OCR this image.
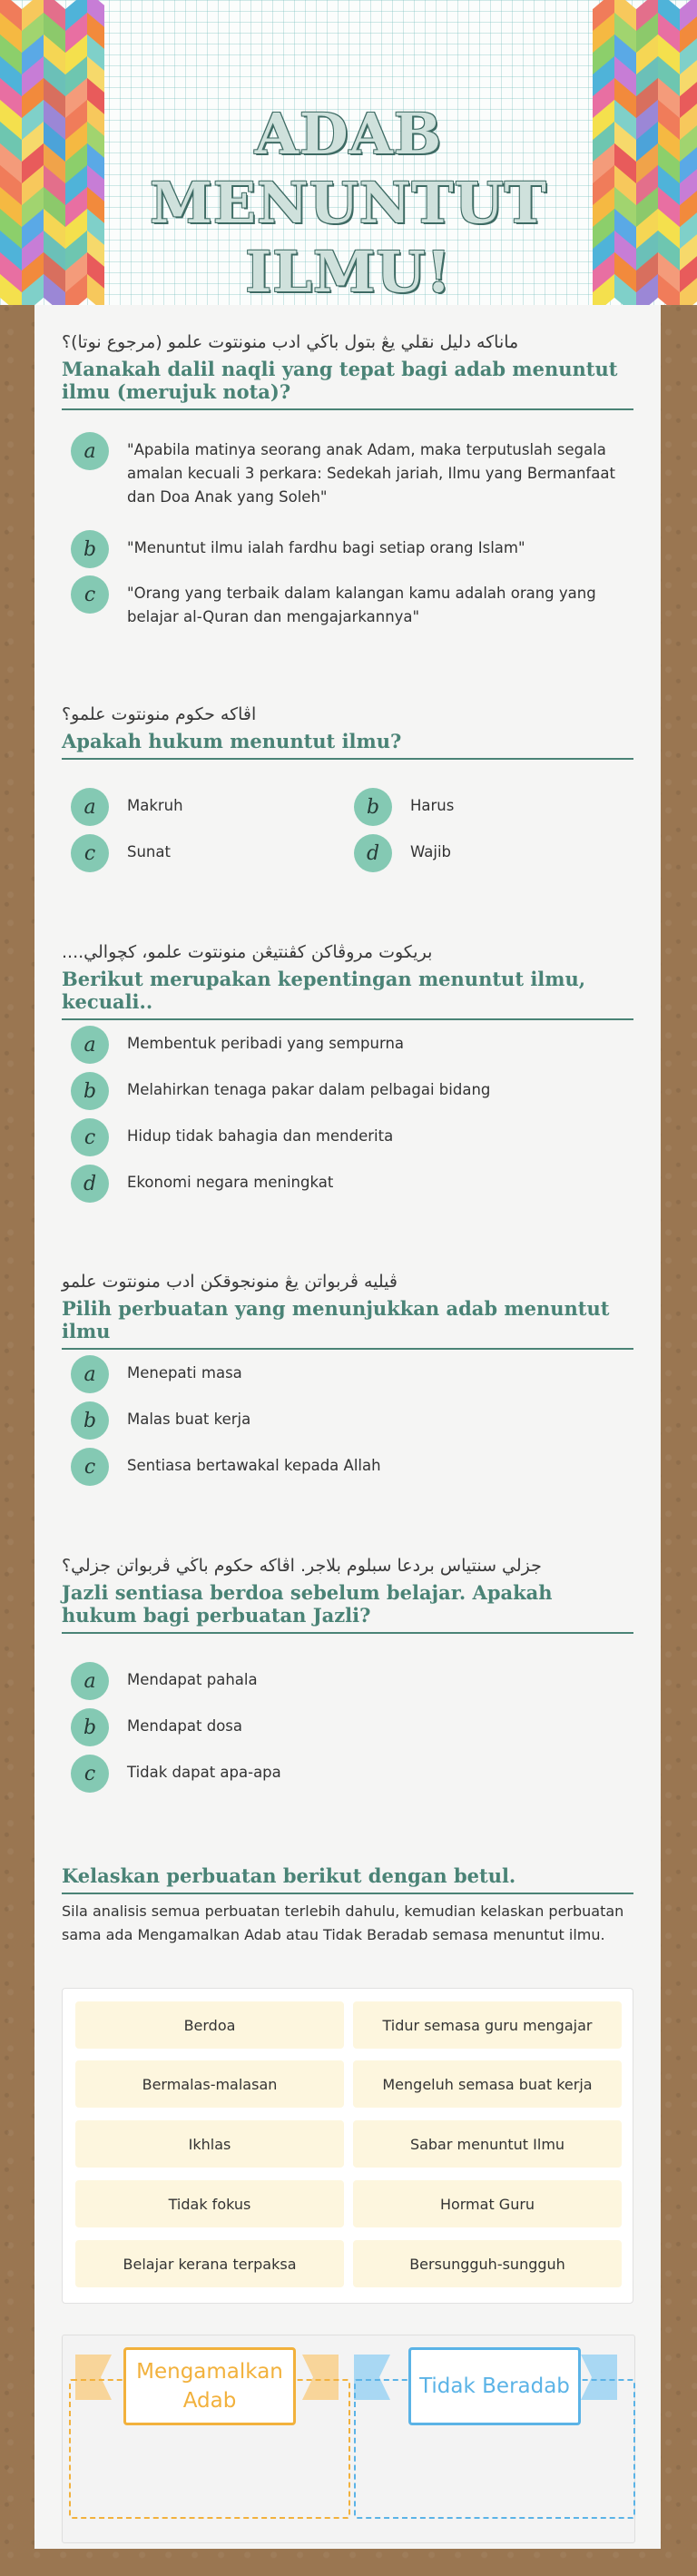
ADAB MENUNTUT ILMU!
ماناكه دليل نقلي يڠ بتول باڬي ادب منونتوت علمو (مرجوع نوتا)؟
Manakah dalil naqli yang tepat bagi adab menuntut ilmu (merujuk nota)?
a	"Apabila matinya seorang anak Adam, maka terputuslah segala amalan kecuali 3 perkara: Sedekah jariah, Ilmu yang Bermanfaat dan Doa Anak yang Soleh"
b	"Menuntut ilmu ialah fardhu bagi setiap orang Islam"
c	"Orang yang terbaik dalam kalangan kamu adalah orang yang belajar al-Quran dan mengajarkannya"
اڤاکه حکوم منونتوت علمو؟
Apakah hukum menuntut ilmu?
a	Makruh	b	Harus
c	Sunat	d	Wajib
بريکوت مروڤاکن کڤنتيڠن منونتوت علمو، کچوالي....
Berikut merupakan kepentingan menuntut ilmu, kecuali..
a	Membentuk peribadi yang sempurna
b	Melahirkan tenaga pakar dalam pelbagai bidang
c	Hidup tidak bahagia dan menderita
d	Ekonomi negara meningkat
ڤيليه ڤربواتن يڠ منونجوقکن ادب منونتوت علمو
Pilih perbuatan yang menunjukkan adab menuntut ilmu
a	Menepati masa
b	Malas buat kerja
c	Sentiasa bertawakal kepada Allah
جزلي سنتياس بردعا سبلوم بلاجر. اڤاکه حکوم باڬي ڤربواتن جزلي؟
Jazli sentiasa berdoa sebelum belajar. Apakah hukum bagi perbuatan Jazli?
a	Mendapat pahala
b	Mendapat dosa
c	Tidak dapat apa-apa
Kelaskan perbuatan berikut dengan betul.
Sila analisis semua perbuatan terlebih dahulu, kemudian kelaskan perbuatan sama ada Mengamalkan Adab atau Tidak Beradab semasa menuntut ilmu.
Berdoa	Tidur semasa guru mengajar
Bermalas-malasan	Mengeluh semasa buat kerja
Ikhlas	Sabar menuntut Ilmu
Tidak fokus	Hormat Guru
Belajar kerana terpaksa	Bersungguh-sungguh
Mengamalkan Adab
Tidak Beradab
